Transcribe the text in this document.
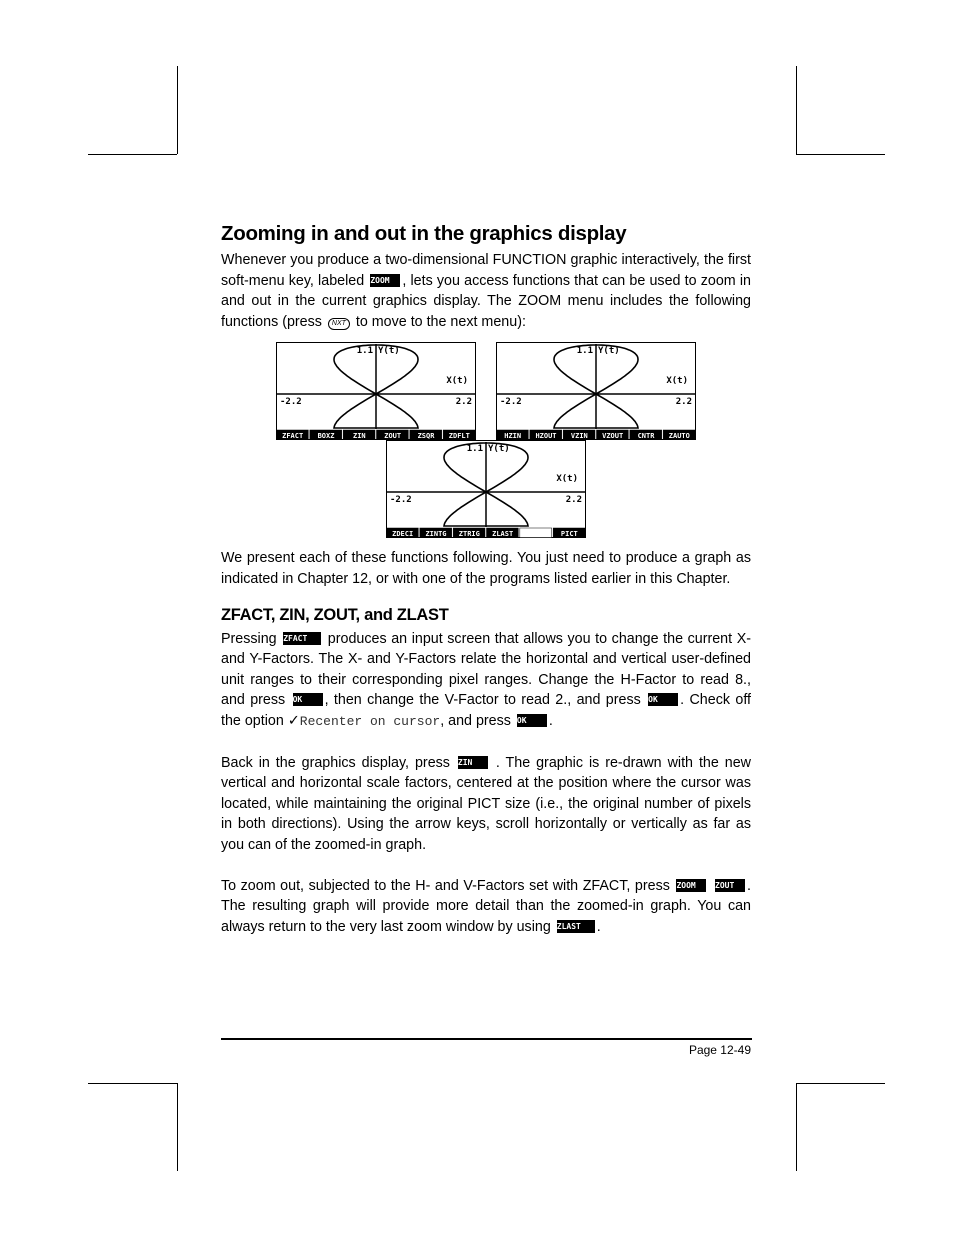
Zooming in and out in the graphics display

Whenever you produce a two-dimensional FUNCTION graphic interactively, the first soft-menu key, labeled ZOOM , lets you access functions that can be used to zoom in and out in the current graphics display. The ZOOM menu includes the following functions (press NXT to move to the next menu):

1.1 Y(t)
X(t)
-2.2	2.2
ZFACT BOXZ	ZIN	ZOUT ZSQR ZDFLT
1.1 Y(t)
X(t)
-2.2	2.2
HZIN HZOUT VZIN VZOUT CNTR ZAUTO
1.1 Y(t)
X(t)
-2.2	2.2
ZDECI ZINTG ZTRIG ZLAST	PICT

We present each of these functions following. You just need to produce a graph as indicated in Chapter 12, or with one of the programs listed earlier in this Chapter.

ZFACT, ZIN, ZOUT, and ZLAST

Pressing ZFACT produces an input screen that allows you to change the current X- and Y-Factors. The X- and Y-Factors relate the horizontal and vertical user-defined unit ranges to their corresponding pixel ranges. Change the H-Factor to read 8., and press OK , then change the V-Factor to read 2., and press OK . Check off the option ✓Recenter on cursor, and press OK .

Back in the graphics display, press ZIN . The graphic is re-drawn with the new vertical and horizontal scale factors, centered at the position where the cursor was located, while maintaining the original PICT size (i.e., the original number of pixels in both directions). Using the arrow keys, scroll horizontally or vertically as far as you can of the zoomed-in graph.

To zoom out, subjected to the H- and V-Factors set with ZFACT, press ZOOM ZOUT . The resulting graph will provide more detail than the zoomed-in graph. You can always return to the very last zoom window by using ZLAST .

Page 12-49
